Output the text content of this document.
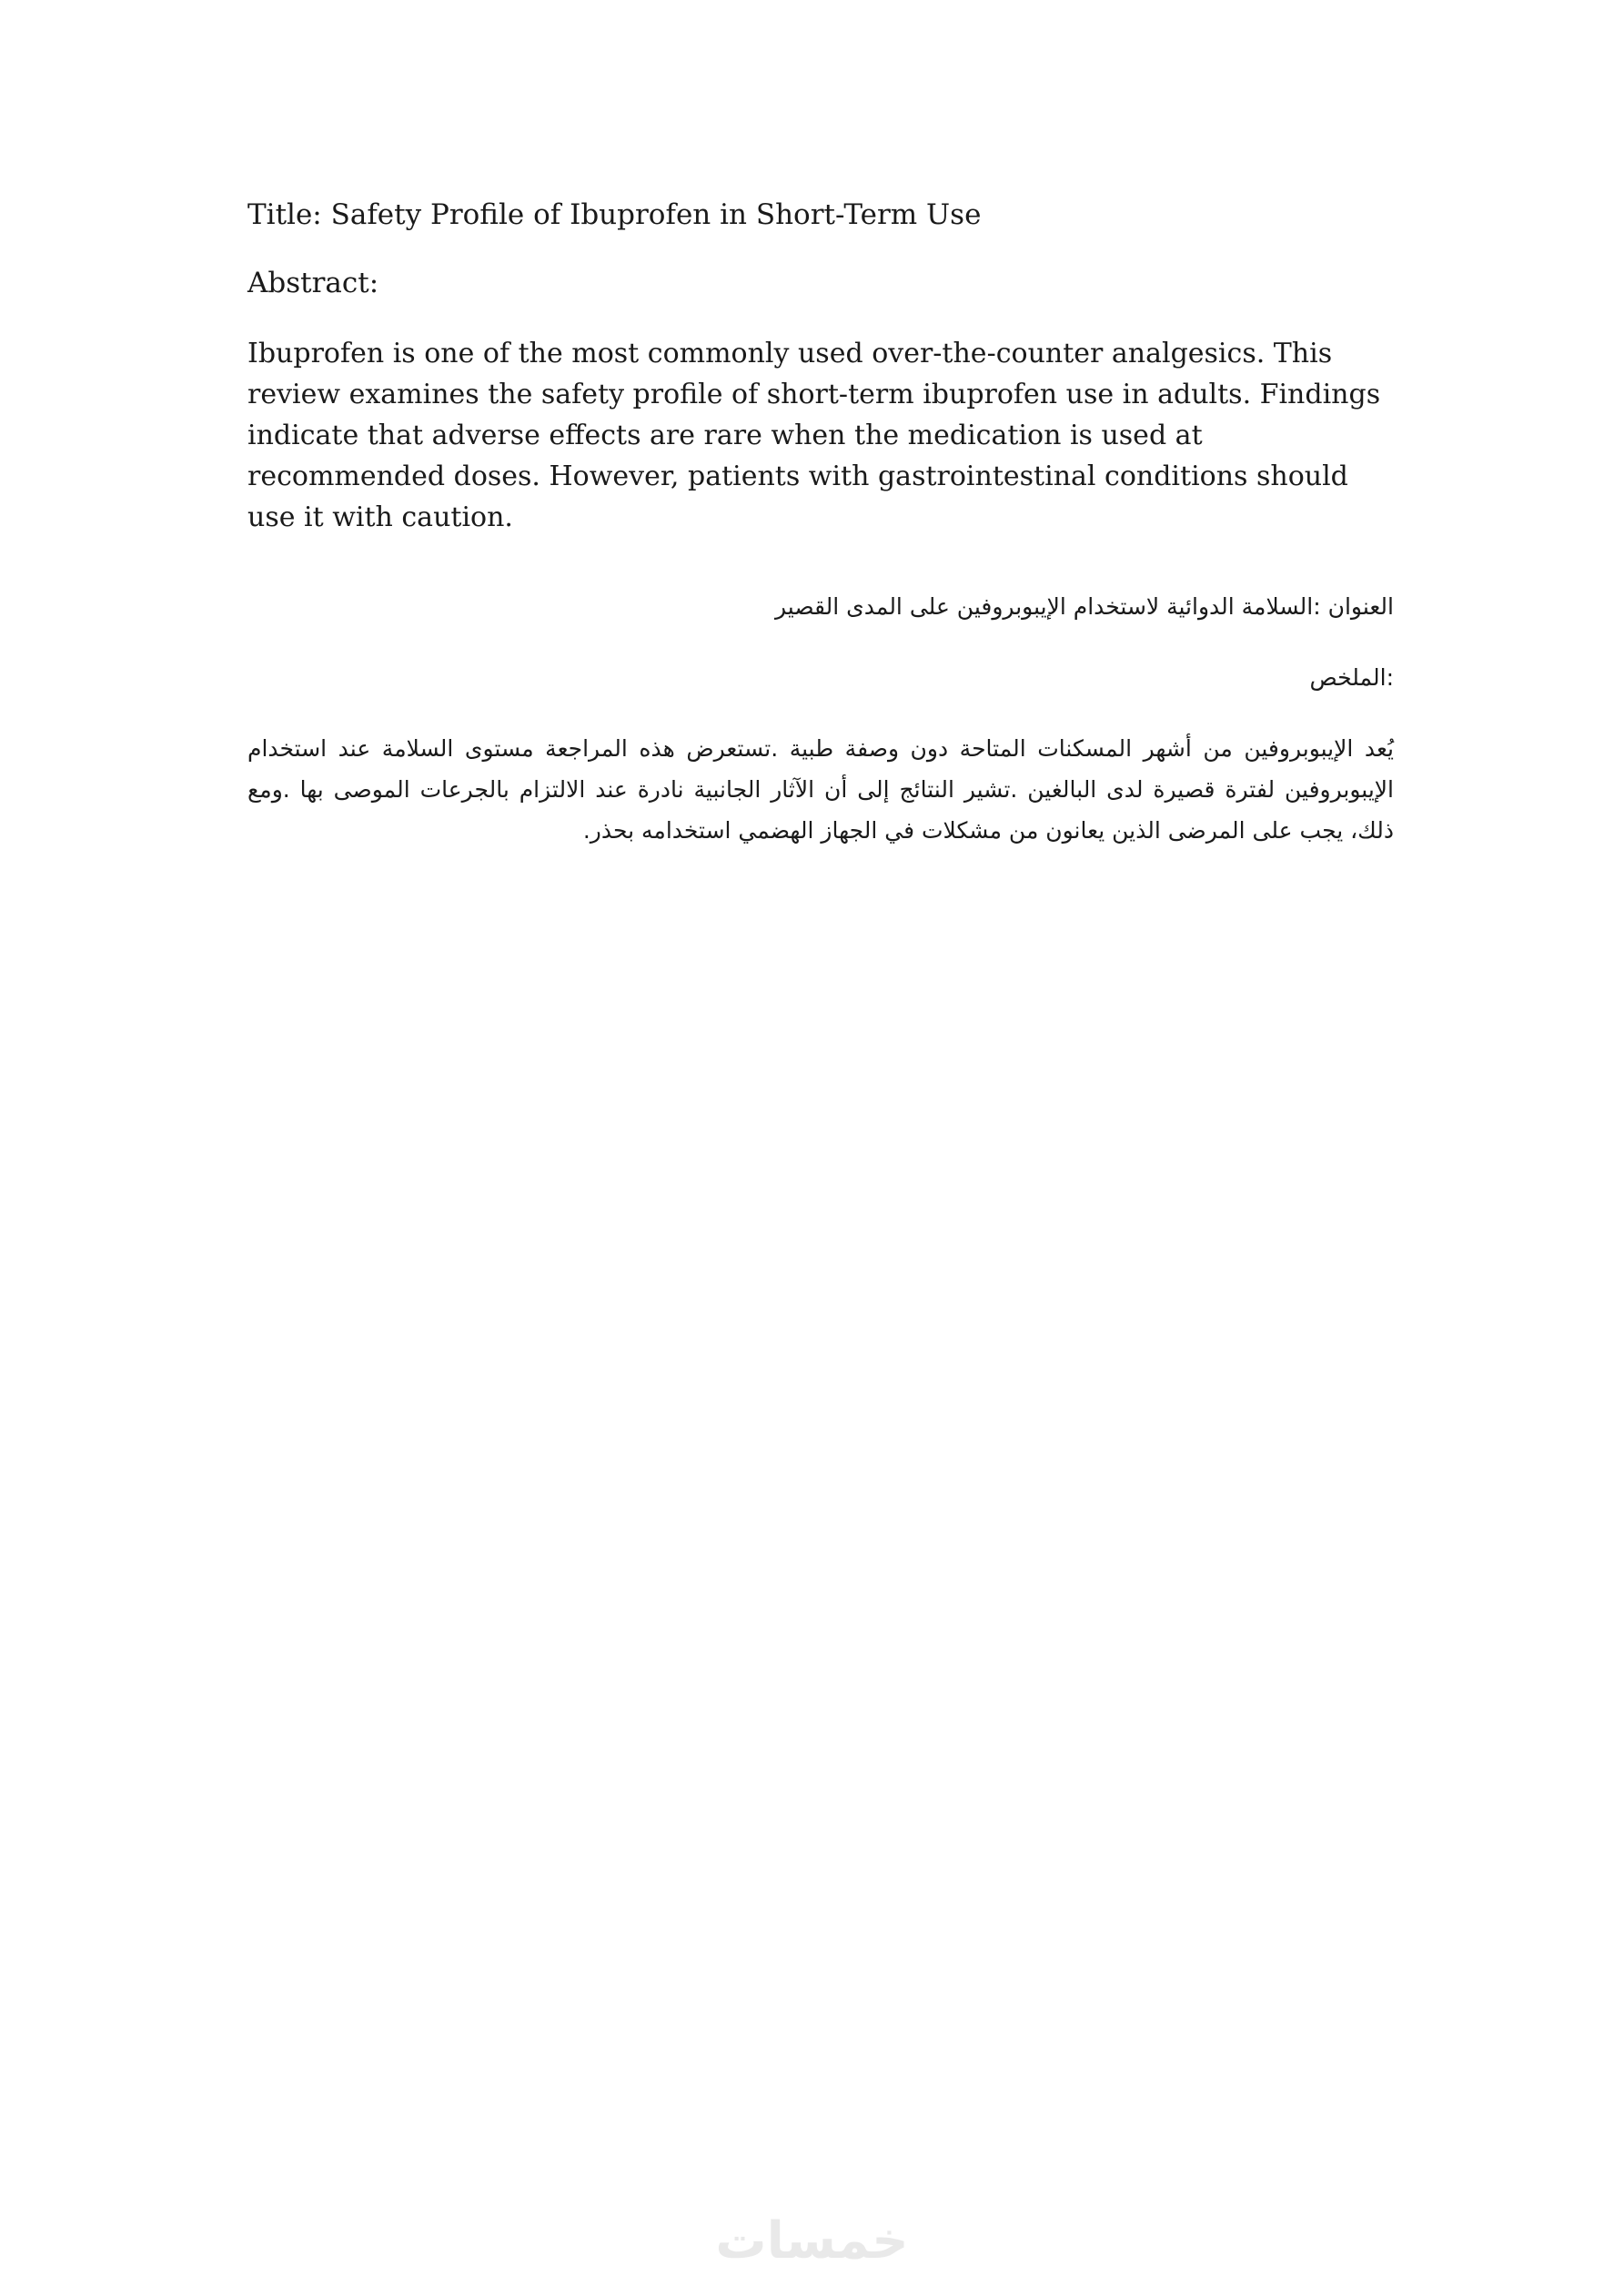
Title: Safety Profile of Ibuprofen in Short-Term Use

Abstract:

Ibuprofen is one of the most commonly used over-the-counter analgesics. This review examines the safety profile of short-term ibuprofen use in adults. Findings indicate that adverse effects are rare when the medication is used at recommended doses. However, patients with gastrointestinal conditions should use it with caution.

العنوان :السلامة الدوائية لاستخدام الإيبوبروفين على المدى القصير

:الملخص

يُعد الإيبوبروفين من أشهر المسكنات المتاحة دون وصفة طبية .تستعرض هذه المراجعة مستوى السلامة عند استخدام الإيبوبروفين لفترة قصيرة لدى البالغين .تشير النتائج إلى أن الآثار الجانبية نادرة عند الالتزام بالجرعات الموصى بها .ومع ذلك، يجب على المرضى الذين يعانون من مشكلات في الجهاز الهضمي استخدامه بحذر.

خمسات
